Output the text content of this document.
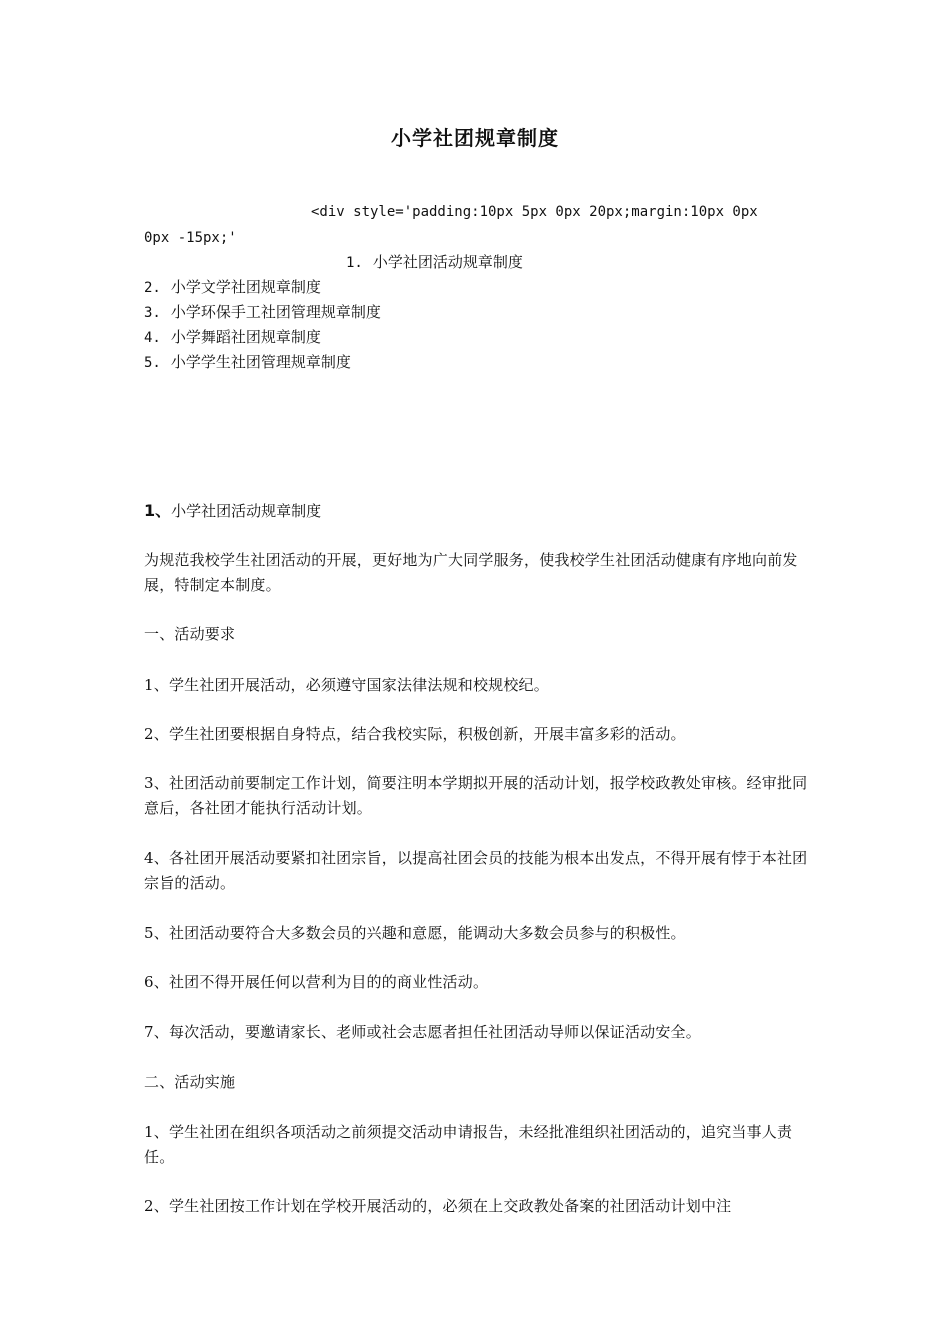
小学社团规章制度
<div style='padding:10px 5px 0px 20px;margin:10px 0px
0px -15px;'
1. 小学社团活动规章制度
2. 小学文学社团规章制度
3. 小学环保手工社团管理规章制度
4. 小学舞蹈社团规章制度
5. 小学学生社团管理规章制度
1、小学社团活动规章制度
为规范我校学生社团活动的开展，更好地为广大同学服务，使我校学生社团活动健康有序地向前发展，特制定本制度。
一、活动要求
1、学生社团开展活动，必须遵守国家法律法规和校规校纪。
2、学生社团要根据自身特点，结合我校实际，积极创新，开展丰富多彩的活动。
3、社团活动前要制定工作计划，简要注明本学期拟开展的活动计划，报学校政教处审核。经审批同意后，各社团才能执行活动计划。
4、各社团开展活动要紧扣社团宗旨，以提高社团会员的技能为根本出发点，不得开展有悖于本社团宗旨的活动。
5、社团活动要符合大多数会员的兴趣和意愿，能调动大多数会员参与的积极性。
6、社团不得开展任何以营利为目的的商业性活动。
7、每次活动，要邀请家长、老师或社会志愿者担任社团活动导师以保证活动安全。
二、活动实施
1、学生社团在组织各项活动之前须提交活动申请报告，未经批准组织社团活动的，追究当事人责任。
2、学生社团按工作计划在学校开展活动的，必须在上交政教处备案的社团活动计划中注
